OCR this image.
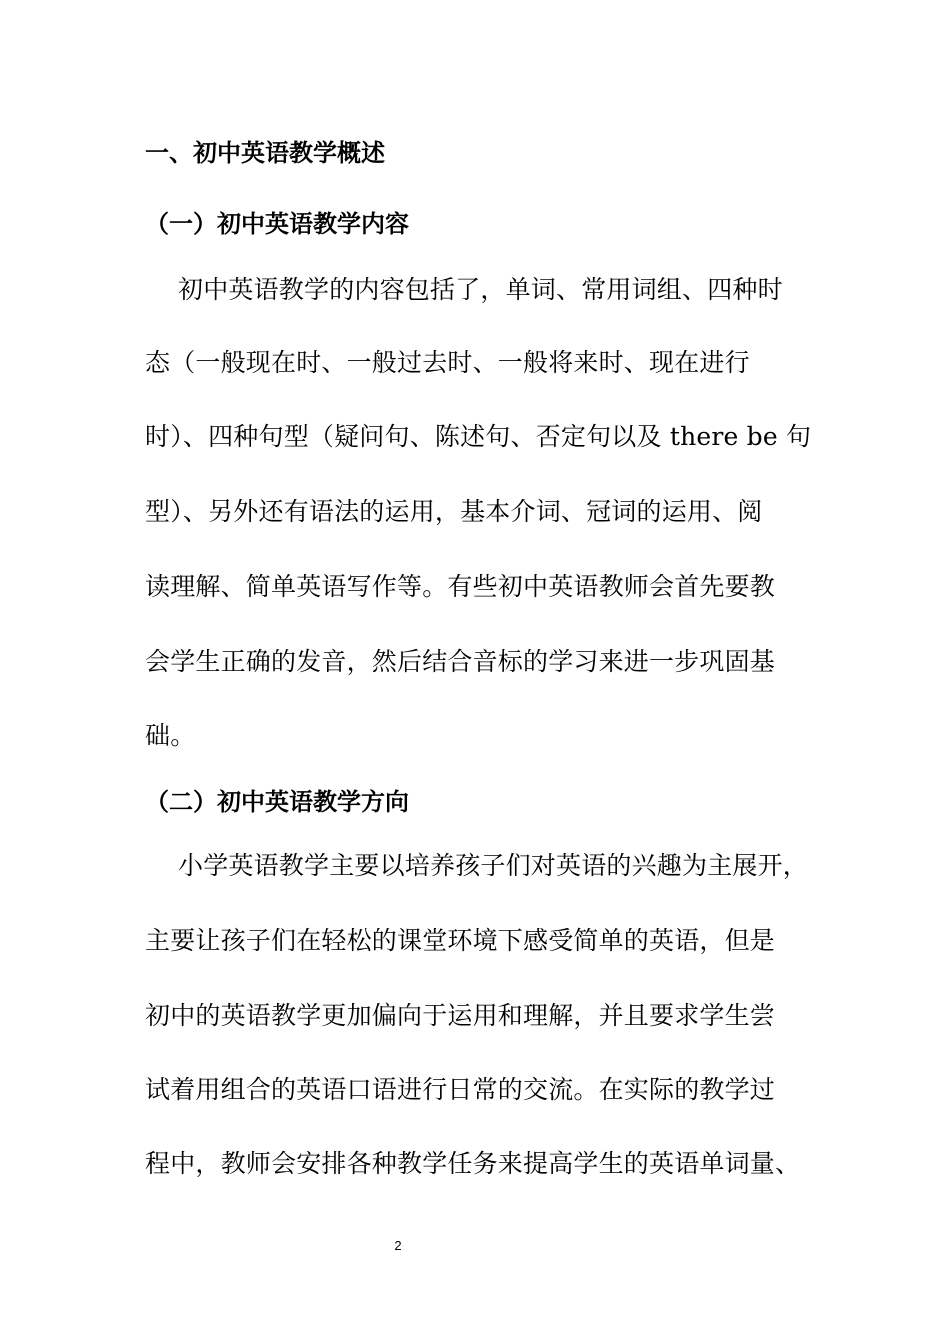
一、初中英语教学概述
（一）初中英语教学内容
初中英语教学的内容包括了，单词、常用词组、四种时
态（一般现在时、一般过去时、一般将来时、现在进行
时）、四种句型（疑问句、陈述句、否定句以及 there be 句
型）、另外还有语法的运用，基本介词、冠词的运用、阅
读理解、简单英语写作等。有些初中英语教师会首先要教
会学生正确的发音，然后结合音标的学习来进一步巩固基
础。
（二）初中英语教学方向
小学英语教学主要以培养孩子们对英语的兴趣为主展开，
主要让孩子们在轻松的课堂环境下感受简单的英语，但是
初中的英语教学更加偏向于运用和理解，并且要求学生尝
试着用组合的英语口语进行日常的交流。在实际的教学过
程中，教师会安排各种教学任务来提高学生的英语单词量、
2
